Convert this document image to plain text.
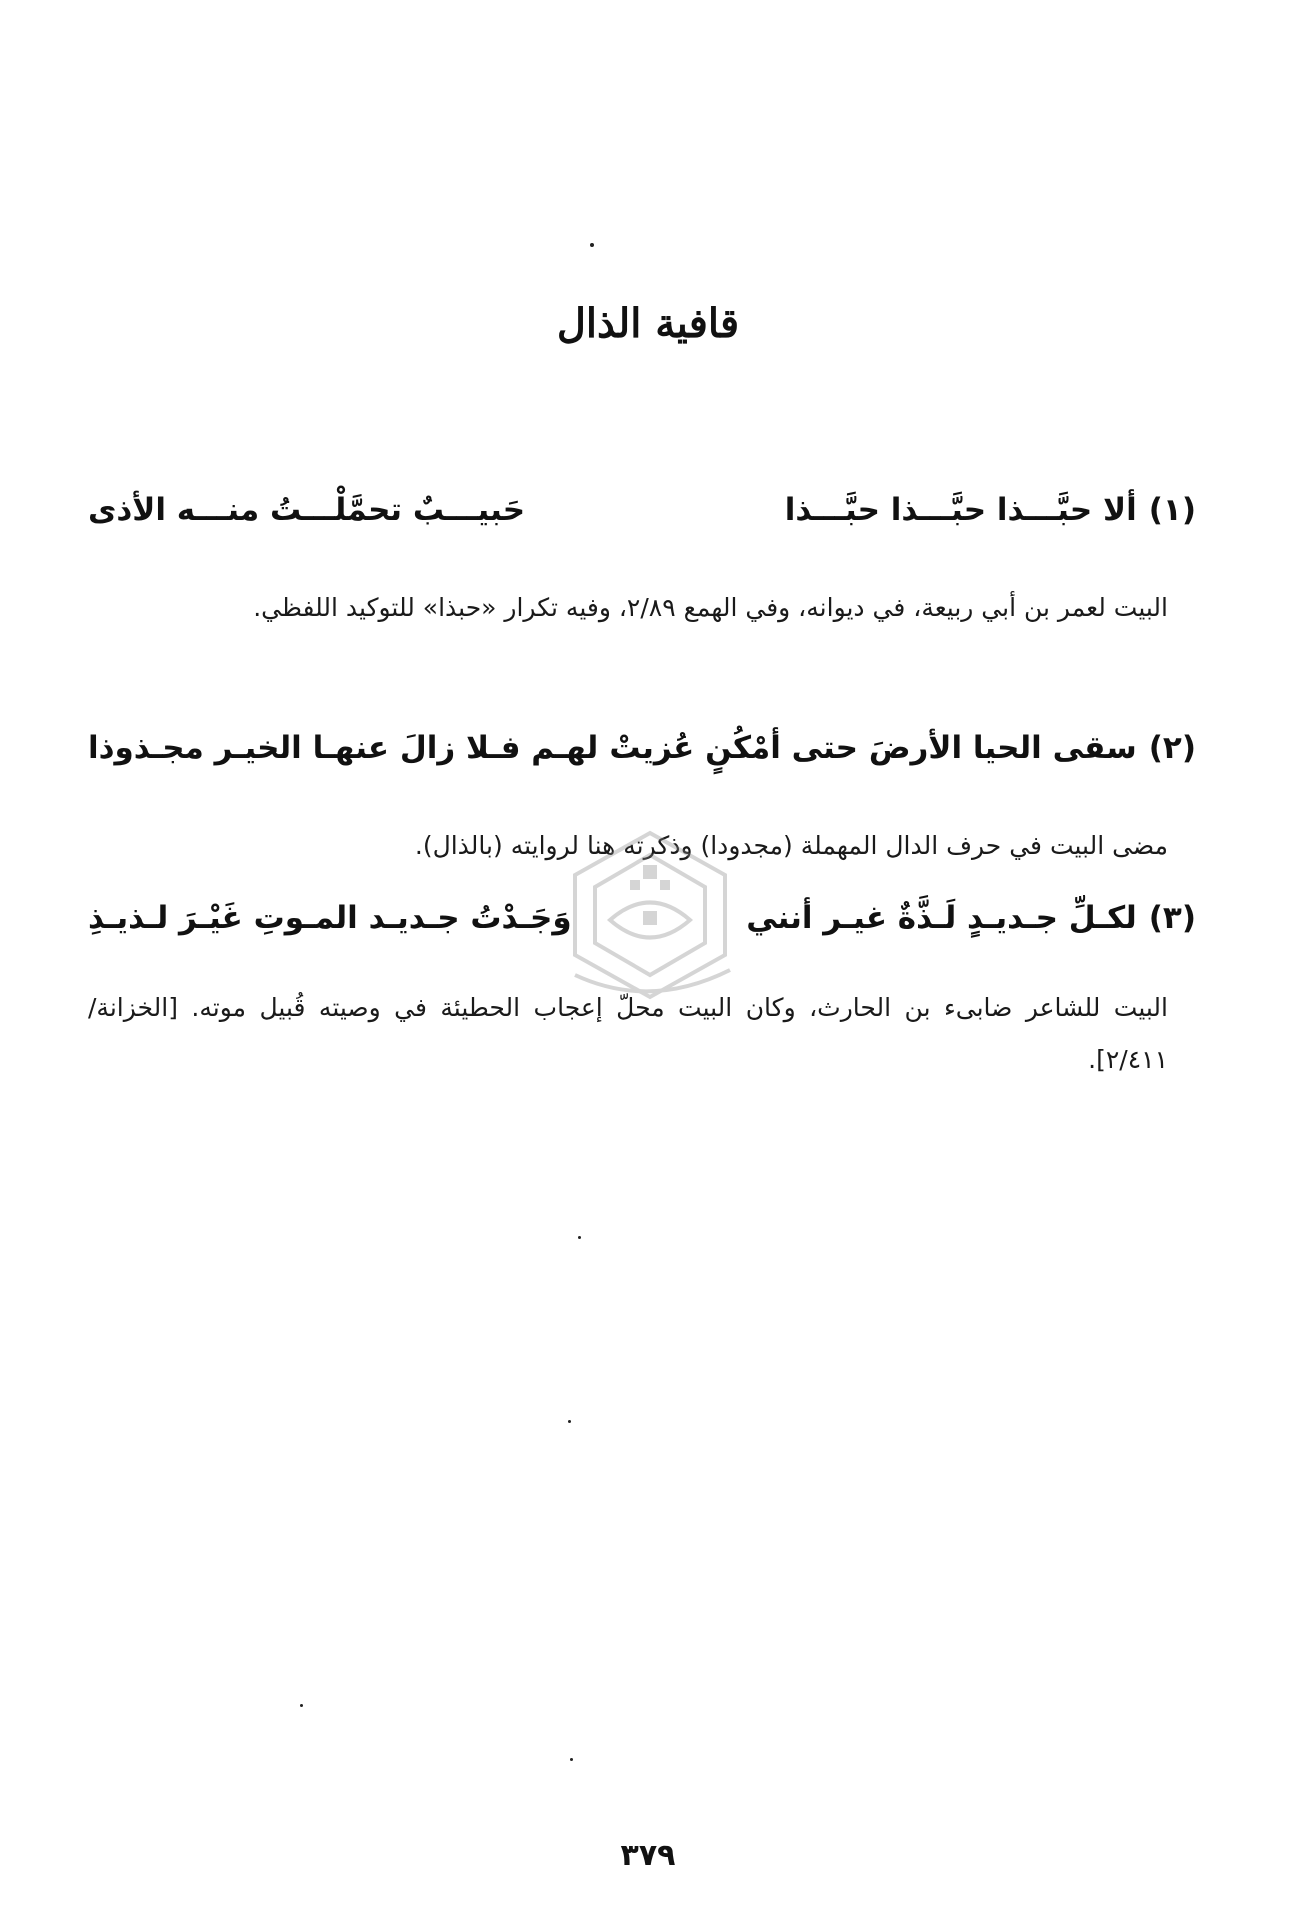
قافية الذال
(١)
ألا حبَّـــذا حبَّـــذا حبَّـــذا
حَبيـــبٌ تحمَّلْـــتُ منـــه الأذى
البيت لعمر بن أبي ربيعة، في ديوانه، وفي الهمع ٢/٨٩، وفيه تكرار «حبذا» للتوكيد اللفظي.
(٢)
سقى الحيا الأرضَ حتى أمْكُنٍ عُزيتْ
لهـم فـلا زالَ عنهـا الخيـر مجـذوذا
مضى البيت في حرف الدال المهملة (مجدودا) وذكرته هنا لروايته (بالذال).
(٣)
لكـلِّ جـديـدٍ لَـذَّةٌ غيـر أنني
وَجَـدْتُ جـديـد المـوتِ غَيْـرَ لـذيـذِ
البيت للشاعر ضابىء بن الحارث، وكان البيت محلّ إعجاب الحطيئة في وصيته قُبيل موته. [الخزانة/٢/٤١١].
٣٧٩
